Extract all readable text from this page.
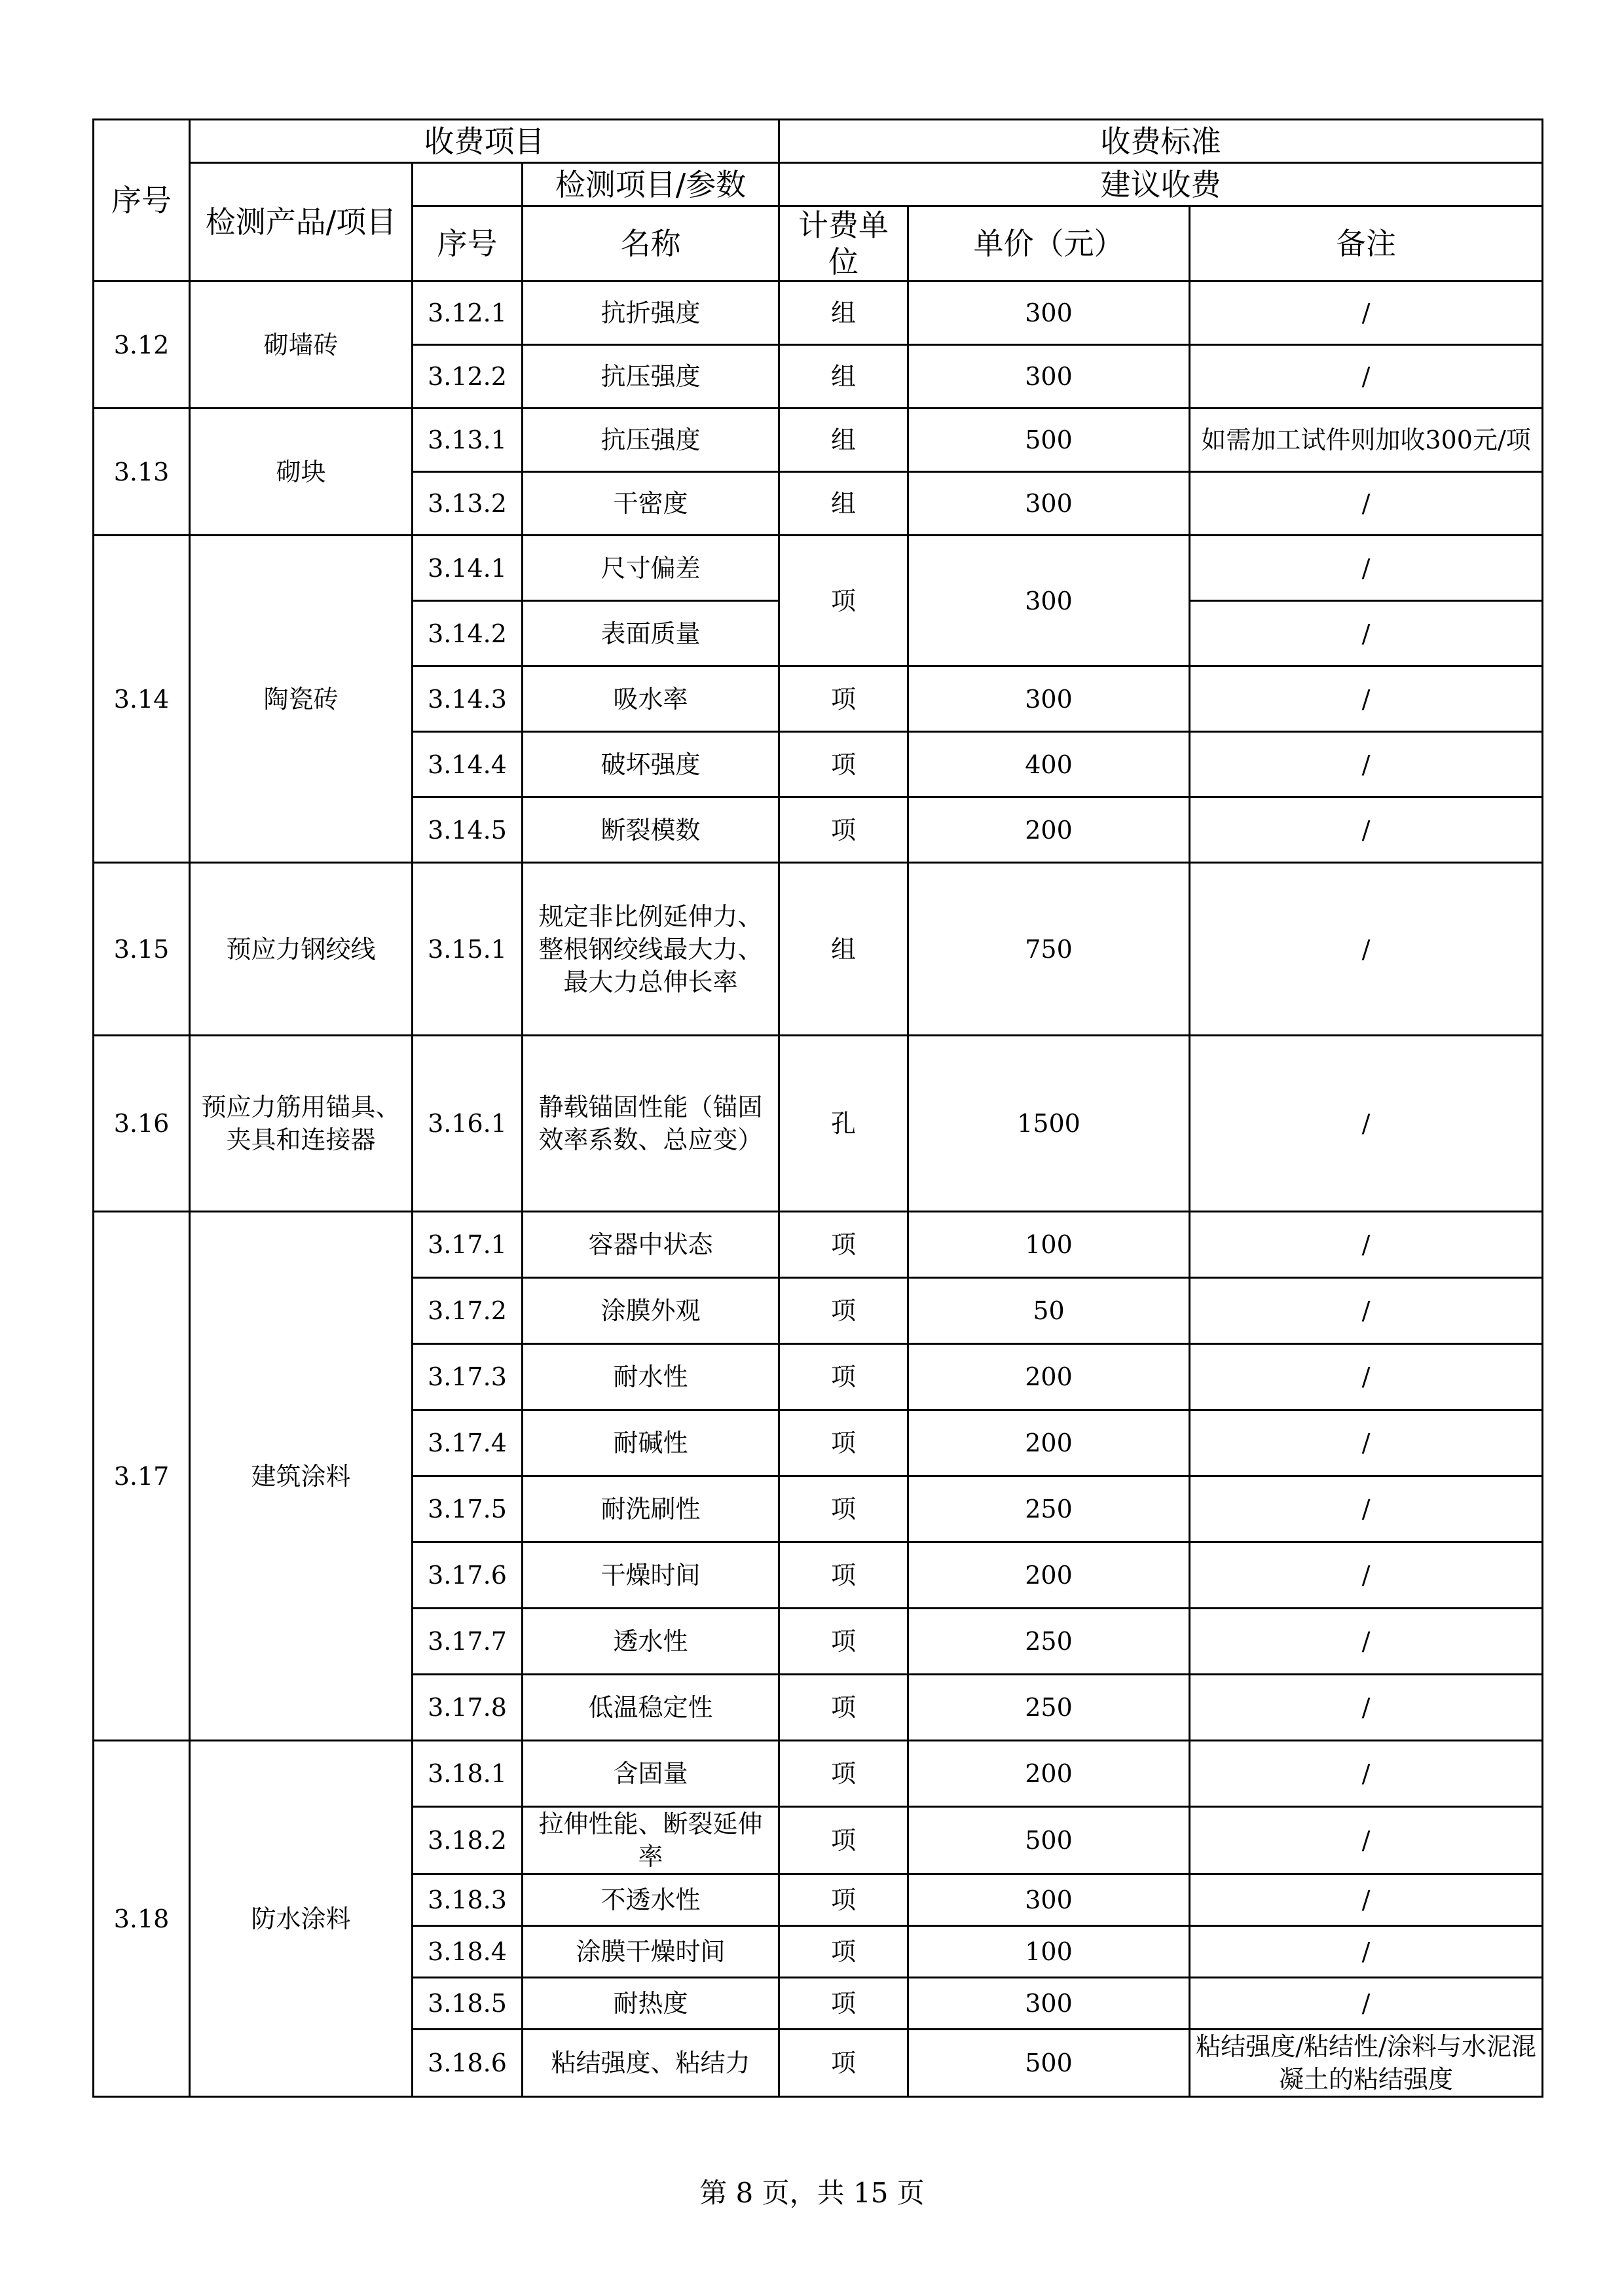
序号	收费项目			收费标准		
	检测产品/项目		检测项目/参数	建议收费		
		序号	名称	计费单位	单价（元）	备注
3.12	砌墙砖	3.12.1	抗折强度	组	300	/
		3.12.2	抗压强度	组	300	/
3.13	砌块	3.13.1	抗压强度	组	500	如需加工试件则加收300元/项
		3.13.2	干密度	组	300	/
3.14	陶瓷砖	3.14.1	尺寸偏差	项	300	/
		3.14.2	表面质量			/
		3.14.3	吸水率	项	300	/
		3.14.4	破坏强度	项	400	/
		3.14.5	断裂模数	项	200	/
3.15	预应力钢绞线	3.15.1	规定非比例延伸力、整根钢绞线最大力、最大力总伸长率	组	750	/
3.16	预应力筋用锚具、夹具和连接器	3.16.1	静载锚固性能（锚固效率系数、总应变）	孔	1500	/
3.17	建筑涂料	3.17.1	容器中状态	项	100	/
		3.17.2	涂膜外观	项	50	/
		3.17.3	耐水性	项	200	/
		3.17.4	耐碱性	项	200	/
		3.17.5	耐洗刷性	项	250	/
		3.17.6	干燥时间	项	200	/
		3.17.7	透水性	项	250	/
		3.17.8	低温稳定性	项	250	/
3.18	防水涂料	3.18.1	含固量	项	200	/
		3.18.2	拉伸性能、断裂延伸率	项	500	/
		3.18.3	不透水性	项	300	/
		3.18.4	涂膜干燥时间	项	100	/
		3.18.5	耐热度	项	300	/
		3.18.6	粘结强度、粘结力	项	500	粘结强度/粘结性/涂料与水泥混凝土的粘结强度
第 8 页，共 15 页
